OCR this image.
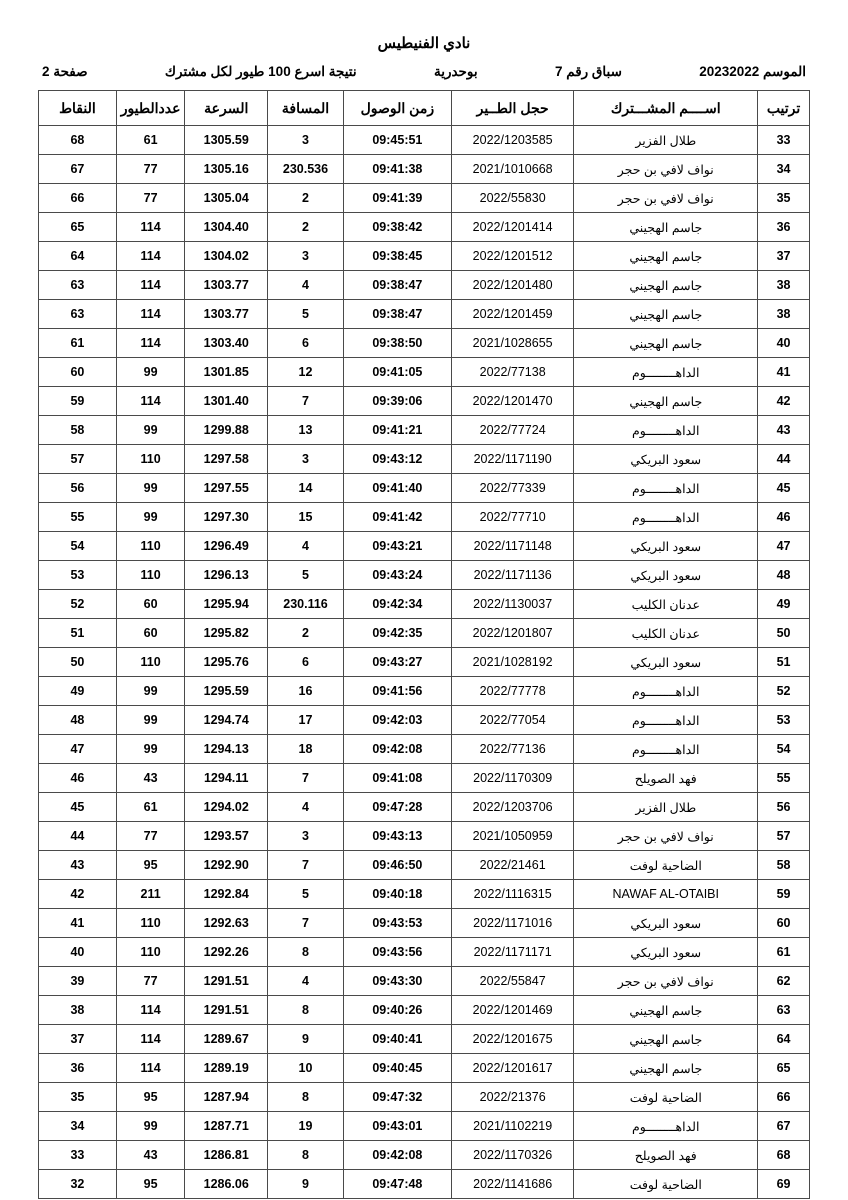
نادي الفنيطيس
الموسم 20232022
سباق رقم 7
بوحدرية
نتيجة اسرع 100 طيور لكل مشترك
صفحة 2
ترتيب	اســــم المشـــترك	حجل الطــير	زمن الوصول	المسافة	السرعة	عددالطيور	النقاط
33	طلال الفزير	2022/1203585	09:45:51	3	1305.59	61	68
34	نواف لافي بن حجر	2021/1010668	09:41:38	230.536	1305.16	77	67
35	نواف لافي بن حجر	2022/55830	09:41:39	2	1305.04	77	66
36	جاسم الهجيني	2022/1201414	09:38:42	2	1304.40	114	65
37	جاسم الهجيني	2022/1201512	09:38:45	3	1304.02	114	64
38	جاسم الهجيني	2022/1201480	09:38:47	4	1303.77	114	63
38	جاسم الهجيني	2022/1201459	09:38:47	5	1303.77	114	63
40	جاسم الهجيني	2021/1028655	09:38:50	6	1303.40	114	61
41	الداهــــــــوم	2022/77138	09:41:05	12	1301.85	99	60
42	جاسم الهجيني	2022/1201470	09:39:06	7	1301.40	114	59
43	الداهــــــــوم	2022/77724	09:41:21	13	1299.88	99	58
44	سعود البريكي	2022/1171190	09:43:12	3	1297.58	110	57
45	الداهــــــــوم	2022/77339	09:41:40	14	1297.55	99	56
46	الداهــــــــوم	2022/77710	09:41:42	15	1297.30	99	55
47	سعود البريكي	2022/1171148	09:43:21	4	1296.49	110	54
48	سعود البريكي	2022/1171136	09:43:24	5	1296.13	110	53
49	عدنان الكليب	2022/1130037	09:42:34	230.116	1295.94	60	52
50	عدنان الكليب	2022/1201807	09:42:35	2	1295.82	60	51
51	سعود البريكي	2021/1028192	09:43:27	6	1295.76	110	50
52	الداهــــــــوم	2022/77778	09:41:56	16	1295.59	99	49
53	الداهــــــــوم	2022/77054	09:42:03	17	1294.74	99	48
54	الداهــــــــوم	2022/77136	09:42:08	18	1294.13	99	47
55	فهد الصويلح	2022/1170309	09:41:08	7	1294.11	43	46
56	طلال الفزير	2022/1203706	09:47:28	4	1294.02	61	45
57	نواف لافي بن حجر	2021/1050959	09:43:13	3	1293.57	77	44
58	الضاحية لوفت	2022/21461	09:46:50	7	1292.90	95	43
59	NAWAF AL-OTAIBI	2022/1116315	09:40:18	5	1292.84	211	42
60	سعود البريكي	2022/1171016	09:43:53	7	1292.63	110	41
61	سعود البريكي	2022/1171171	09:43:56	8	1292.26	110	40
62	نواف لافي بن حجر	2022/55847	09:43:30	4	1291.51	77	39
63	جاسم الهجيني	2022/1201469	09:40:26	8	1291.51	114	38
64	جاسم الهجيني	2022/1201675	09:40:41	9	1289.67	114	37
65	جاسم الهجيني	2022/1201617	09:40:45	10	1289.19	114	36
66	الضاحية لوفت	2022/21376	09:47:32	8	1287.94	95	35
67	الداهــــــــوم	2021/1102219	09:43:01	19	1287.71	99	34
68	فهد الصويلح	2022/1170326	09:42:08	8	1286.81	43	33
69	الضاحية لوفت	2022/1141686	09:47:48	9	1286.06	95	32
